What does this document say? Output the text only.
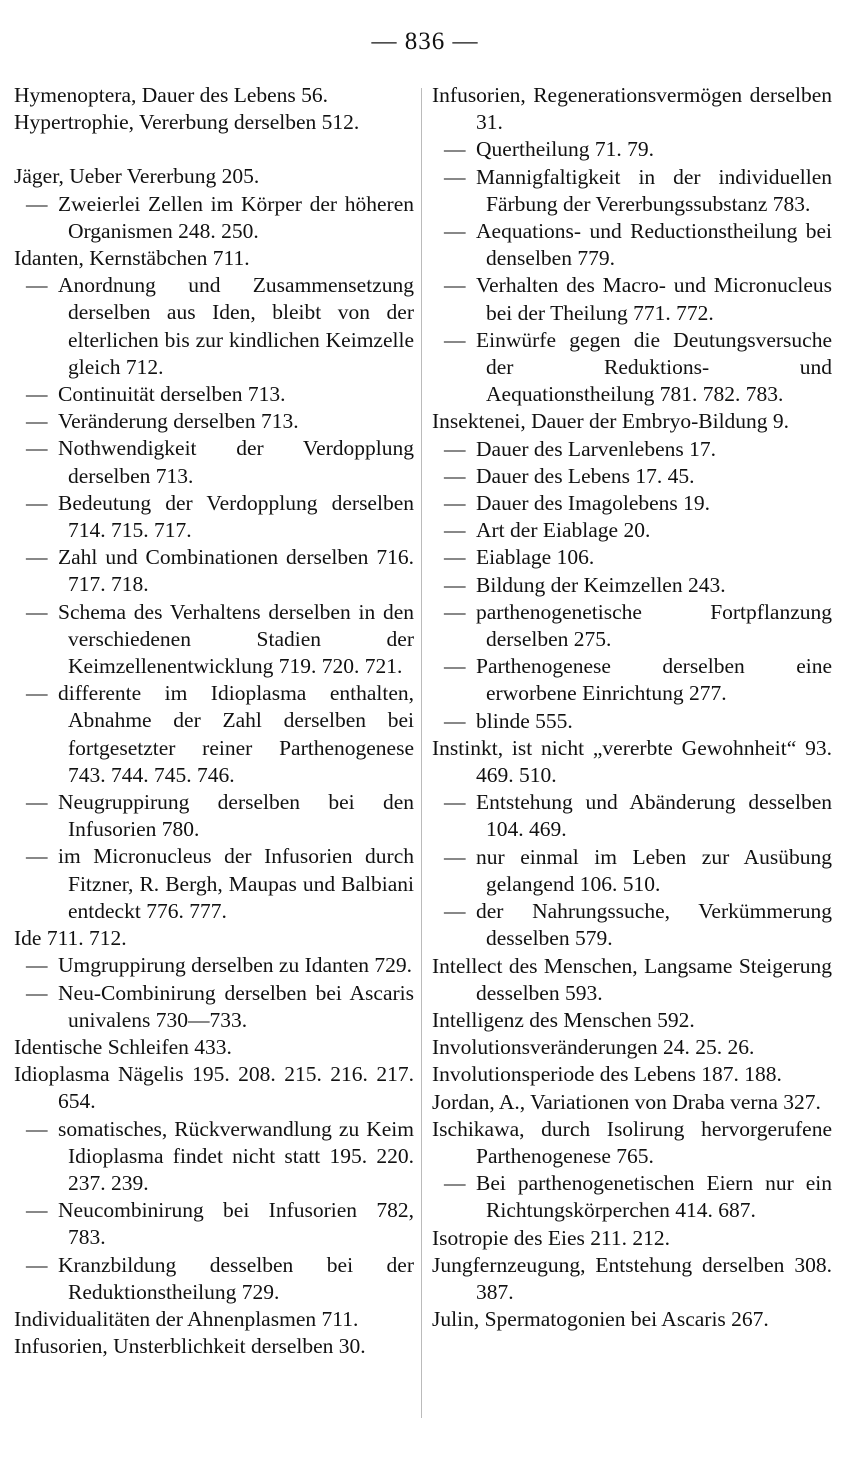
— 836 —

Hymenoptera, Dauer des Lebens 56.

Hypertrophie, Vererbung derselben 512.

Jäger, Ueber Vererbung 205.

— Zweierlei Zellen im Körper der höheren Organismen 248. 250.

Idanten, Kernstäbchen 711.

— Anordnung und Zusammensetzung derselben aus Iden, bleibt von der elterlichen bis zur kindlichen Keimzelle gleich 712.

— Continuität derselben 713.

— Veränderung derselben 713.

— Nothwendigkeit der Verdopplung derselben 713.

— Bedeutung der Verdopplung derselben 714. 715. 717.

— Zahl und Combinationen derselben 716. 717. 718.

— Schema des Verhaltens derselben in den verschiedenen Stadien der Keimzellenentwicklung 719. 720. 721.

— differente im Idioplasma enthalten, Abnahme der Zahl derselben bei fortgesetzter reiner Parthenogenese 743. 744. 745. 746.

— Neugruppirung derselben bei den Infusorien 780.

— im Micronucleus der Infusorien durch Fitzner, R. Bergh, Maupas und Balbiani entdeckt 776. 777.

Ide 711. 712.

— Umgruppirung derselben zu Idanten 729.

— Neu-Combinirung derselben bei Ascaris univalens 730—733.

Identische Schleifen 433.

Idioplasma Nägelis 195. 208. 215. 216. 217. 654.

— somatisches, Rückverwandlung zu Keim Idioplasma findet nicht statt 195. 220. 237. 239.

— Neucombinirung bei Infusorien 782, 783.

— Kranzbildung desselben bei der Reduktionstheilung 729.

Individualitäten der Ahnenplasmen 711.

Infusorien, Unsterblichkeit derselben 30.

Infusorien, Regenerationsvermögen derselben 31.

— Quertheilung 71. 79.

— Mannigfaltigkeit in der individuellen Färbung der Vererbungssubstanz 783.

— Aequations- und Reductionstheilung bei denselben 779.

— Verhalten des Macro- und Micronucleus bei der Theilung 771. 772.

— Einwürfe gegen die Deutungsversuche der Reduktions- und Aequationstheilung 781. 782. 783.

Insektenei, Dauer der Embryo-Bildung 9.

— Dauer des Larvenlebens 17.

— Dauer des Lebens 17. 45.

— Dauer des Imagolebens 19.

— Art der Eiablage 20.

— Eiablage 106.

— Bildung der Keimzellen 243.

— parthenogenetische Fortpflanzung derselben 275.

— Parthenogenese derselben eine erworbene Einrichtung 277.

— blinde 555.

Instinkt, ist nicht „vererbte Gewohnheit“ 93. 469. 510.

— Entstehung und Abänderung desselben 104. 469.

— nur einmal im Leben zur Ausübung gelangend 106. 510.

— der Nahrungssuche, Verkümmerung desselben 579.

Intellect des Menschen, Langsame Steigerung desselben 593.

Intelligenz des Menschen 592.

Involutionsveränderungen 24. 25. 26.

Involutionsperiode des Lebens 187. 188.

Jordan, A., Variationen von Draba verna 327.

Ischikawa, durch Isolirung hervorgerufene Parthenogenese 765.

— Bei parthenogenetischen Eiern nur ein Richtungskörperchen 414. 687.

Isotropie des Eies 211. 212.

Jungfernzeugung, Entstehung derselben 308. 387.

Julin, Spermatogonien bei Ascaris 267.
